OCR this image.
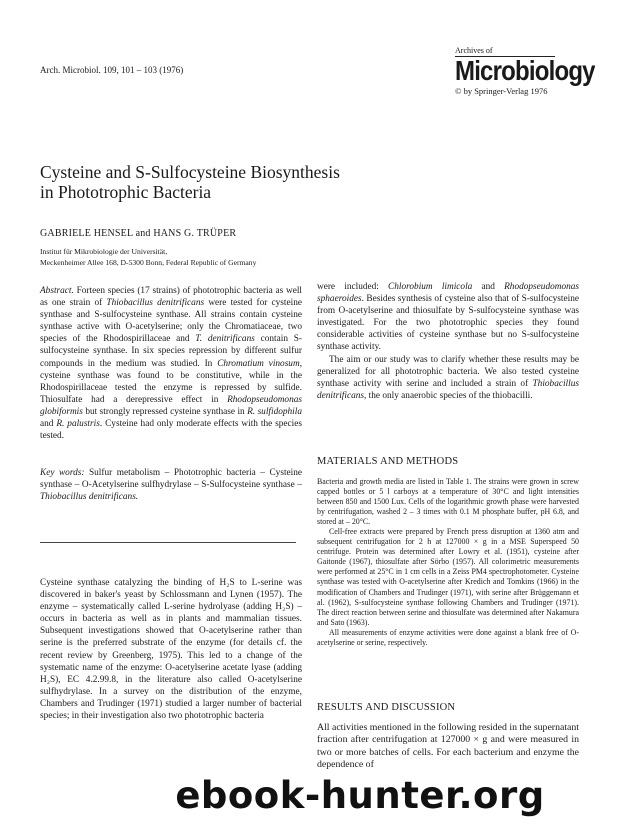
Arch. Microbiol. 109, 101 – 103 (1976)
Archives of
Microbiology
© by Springer-Verlag 1976
Cysteine and S-Sulfocysteine Biosynthesis
in Phototrophic Bacteria
GABRIELE HENSEL and HANS G. TRÜPER
Institut für Mikrobiologie der Universität,
Meckenheimer Allee 168, D-5300 Bonn, Federal Republic of Germany

Abstract. Forteen species (17 strains) of phototrophic bacteria as well as one strain of Thiobacillus denitrificans were tested for cysteine synthase and S-sulfocysteine synthase. All strains contain cysteine synthase active with O-acetylserine; only the Chromatiaceae, two species of the Rhodospirillaceae and T. denitrificans contain S-sulfocysteine synthase. In six species repression by different sulfur compounds in the medium was studied. In Chromatium vinosum, cysteine synthase was found to be constitutive, while in the Rhodospirillaceae tested the enzyme is repressed by sulfide. Thiosulfate had a derepressive effect in Rhodopseudomonas globiformis but strongly repressed cysteine synthase in R. sulfidophila and R. palustris. Cysteine had only moderate effects with the species tested.

Key words: Sulfur metabolism – Phototrophic bacteria – Cysteine synthase – O-Acetylserine sulfhydrylase – S-Sulfocysteine synthase – Thiobacillus denitrificans.

Cysteine synthase catalyzing the binding of H₂S to L-serine was discovered in baker's yeast by Schlossmann and Lynen (1957). The enzyme – systematically called L-serine hydrolyase (adding H₂S) – occurs in bacteria as well as in plants and mammalian tissues. Subsequent investigations showed that O-acetylserine rather than serine is the preferred substrate of the enzyme (for details cf. the recent review by Greenberg, 1975). This led to a change of the systematic name of the enzyme: O-acetylserine acetate lyase (adding H₂S), EC 4.2.99.8, in the literature also called O-acetylserine sulfhydrylase. In a survey on the distribution of the enzyme, Chambers and Trudinger (1971) studied a larger number of bacterial species; in their investigation also two phototrophic bacteria

were included: Chlorobium limicola and Rhodopseudomonas sphaeroides. Besides synthesis of cysteine also that of S-sulfocysteine from O-acetylserine and thiosulfate by S-sulfocysteine synthase was investigated. For the two phototrophic species they found considerable activities of cysteine synthase but no S-sulfocysteine synthase activity.

The aim or our study was to clarify whether these results may be generalized for all phototrophic bacteria. We also tested cysteine synthase activity with serine and included a strain of Thiobacillus denitrificans, the only anaerobic species of the thiobacilli.

MATERIALS AND METHODS

Bacteria and growth media are listed in Table 1. The strains were grown in screw capped bottles or 5 l carboys at a temperature of 30°C and light intensities between 850 and 1500 Lux. Cells of the logarithmic growth phase were harvested by centrifugation, washed 2 – 3 times with 0.1 M phosphate buffer, pH 6.8, and stored at – 20°C.

Cell-free extracts were prepared by French press disruption at 1360 atm and subsequent centrifugation for 2 h at 127000 × g in a MSE Superspeed 50 centrifuge. Protein was determined after Lowry et al. (1951), cysteine after Gaitonde (1967), thiosulfate after Sörbo (1957). All colorimetric measurements were performed at 25°C in 1 cm cells in a Zeiss PM4 spectrophotometer. Cysteine synthase was tested with O-acetylserine after Kredich and Tomkins (1966) in the modification of Chambers and Trudinger (1971), with serine after Brüggemann et al. (1962), S-sulfocysteine synthase following Chambers and Trudinger (1971). The direct reaction between serine and thiosulfate was determined after Nakamura and Sato (1963).

All measurements of enzyme activities were done against a blank free of O-acetylserine or serine, respectively.

RESULTS AND DISCUSSION

All activities mentioned in the following resided in the supernatant fraction after centrifugation at 127000 × g and were measured in two or more batches of cells. For each bacterium and enzyme the dependence of

ebook-hunter.org
